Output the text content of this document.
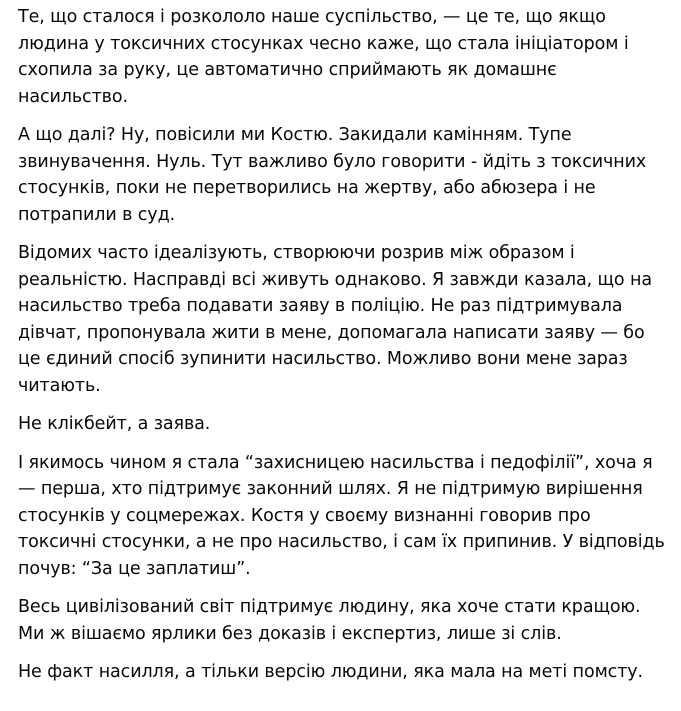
Те, що сталося і розкололо наше суспільство, — це те, що якщо людина у токсичних стосунках чесно каже, що стала ініціатором і схопила за руку, це автоматично сприймають як домашнє насильство.

А що далі? Ну, повісили ми Костю. Закидали камінням. Тупе звинувачення. Нуль. Тут важливо було говорити - йдіть з токсичних стосунків, поки не перетворились на жертву, або абюзера і не потрапили в суд.

Відомих часто ідеалізують, створюючи розрив між образом і реальністю. Насправді всі живуть однаково. Я завжди казала, що на насильство треба подавати заяву в поліцію. Не раз підтримувала дівчат, пропонувала жити в мене, допомагала написати заяву — бо це єдиний спосіб зупинити насильство. Можливо вони мене зараз читають.

Не клікбейт, а заява.

І якимось чином я стала “захисницею насильства і педофілії”, хоча я — перша, хто підтримує законний шлях. Я не підтримую вирішення стосунків у соцмережах. Костя у своєму визнанні говорив про токсичні стосунки, а не про насильство, і сам їх припинив. У відповідь почув: “За це заплатиш”.

Весь цивілізований світ підтримує людину, яка хоче стати кращою. Ми ж вішаємо ярлики без доказів і експертиз, лише зі слів.

Не факт насилля, а тільки версію людини, яка мала на меті помсту.
